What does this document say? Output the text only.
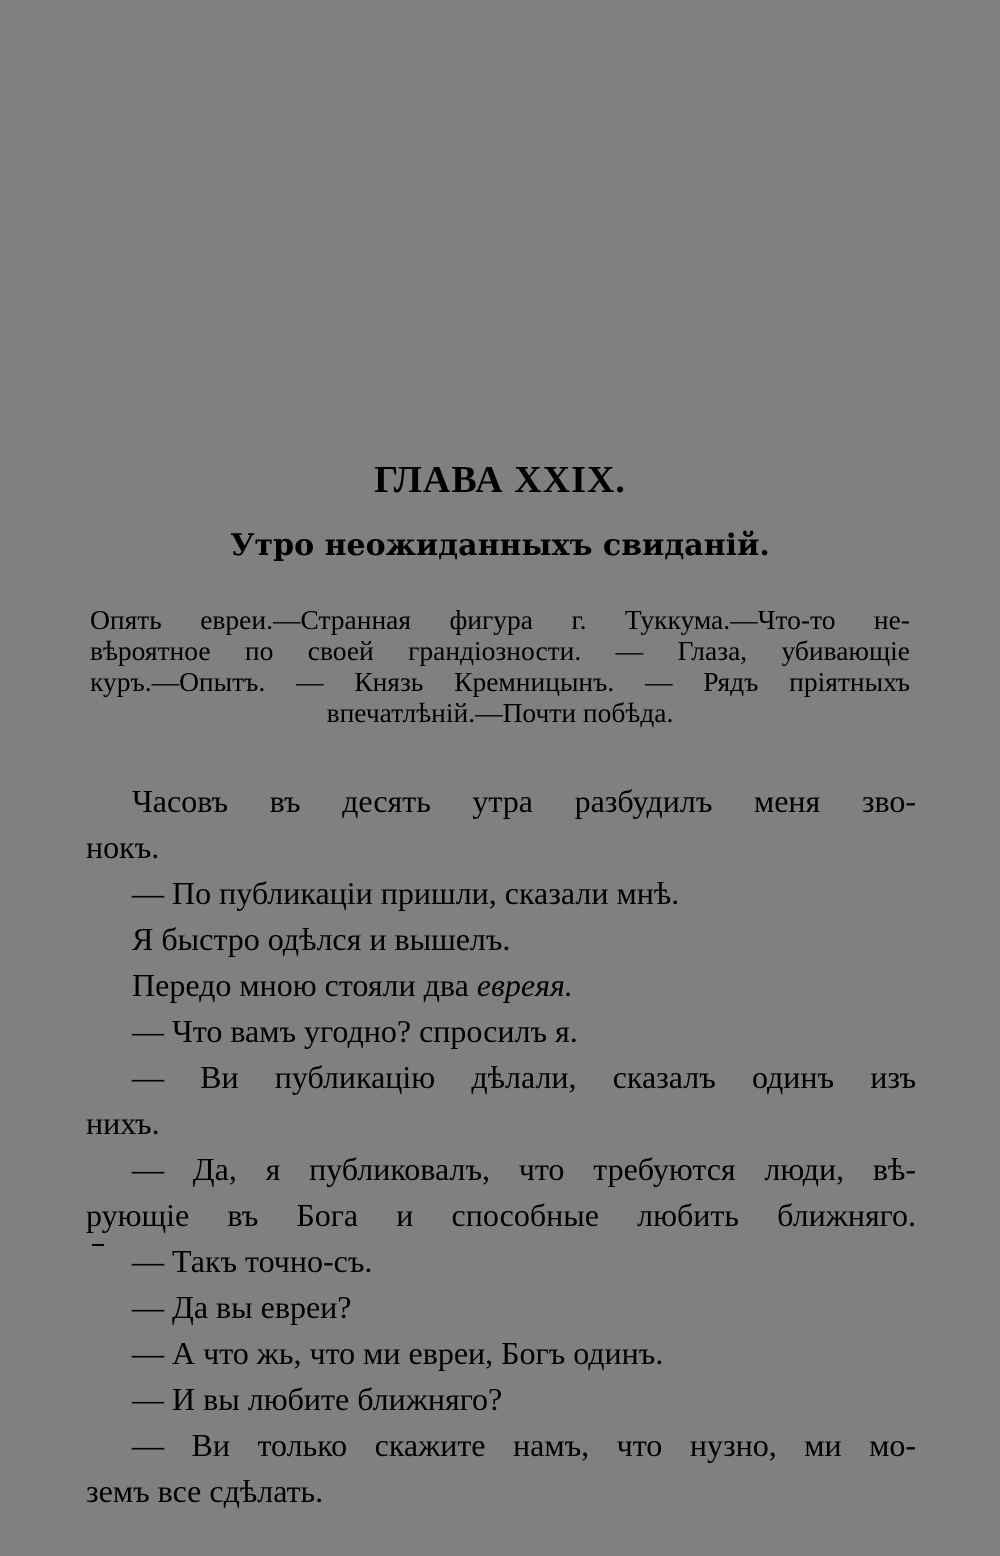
ГЛАВА XXIX.
Утро неожиданныхъ свиданій.
Опять евреи.—Странная фигура г. Туккума.—Что-то не-
вѣроятное по своей грандіозности. — Глаза, убивающіе
куръ.—Опытъ. — Князь Кремницынъ. — Рядъ пріятныхъ
впечатлѣній.—Почти побѣда.
Часовъ въ десять утра разбудилъ меня зво-
нокъ.
— По публикаціи пришли, сказали мнѣ.
Я быстро одѣлся и вышелъ.
Передо мною стояли два евреяя.
— Что вамъ угодно? спросилъ я.
— Ви публикацію дѣлали, сказалъ одинъ изъ
нихъ.
— Да, я публиковалъ, что требуются люди, вѣ-
рующіе въ Бога и способные любить ближняго.
— Такъ точно-съ.
— Да вы евреи?
— А что жь, что ми евреи, Богъ одинъ.
— И вы любите ближняго?
— Ви только скажите намъ, что нузно, ми мо-
земъ все сдѣлать.
